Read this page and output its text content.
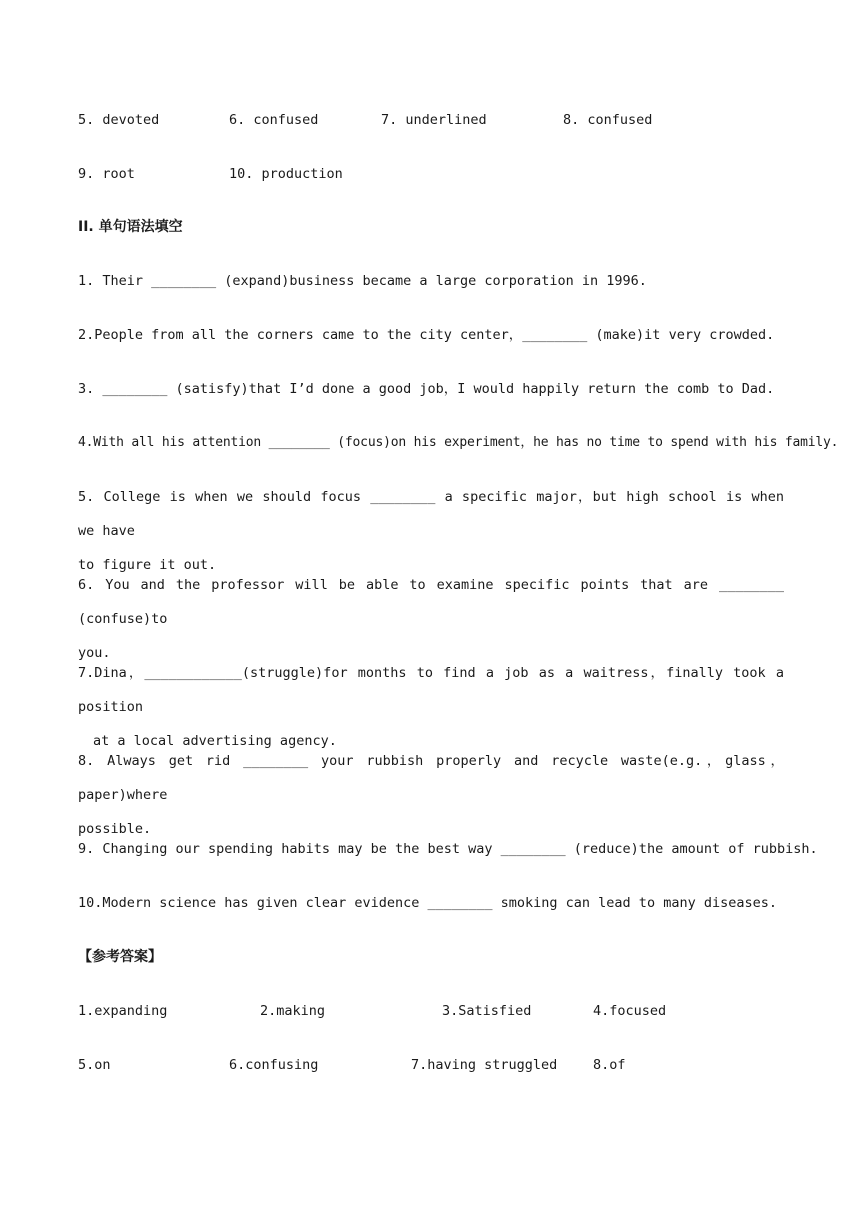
5. devoted	6. confused	7. underlined	8. confused
9. root	10. production
II. 单句语法填空
1. Their ________ (expand)business became a large corporation in 1996.
2.People from all the corners came to the city center，________ (make)it very crowded.
3. ________ (satisfy)that I’d done a good job，I would happily return the comb to Dad.
4.With all his attention ________ (focus)on his experiment，he has no time to spend with his family.
5. College is when we should focus ________ a specific major，but high school is when we have
to figure it out.
6. You and the professor will be able to examine specific points that are ________ (confuse)to
you.
7.Dina，____________(struggle)for months to find a job as a waitress，finally took a position
at a local advertising agency.
8. Always get rid ________ your rubbish properly and recycle waste(e.g.，glass，paper)where
possible.
9. Changing our spending habits may be the best way ________ (reduce)the amount of rubbish.
10.Modern science has given clear evidence ________ smoking can lead to many diseases.
【参考答案】
1.expanding	2.making	3.Satisfied	4.focused
5.on	6.confusing	7.having struggled	8.of
